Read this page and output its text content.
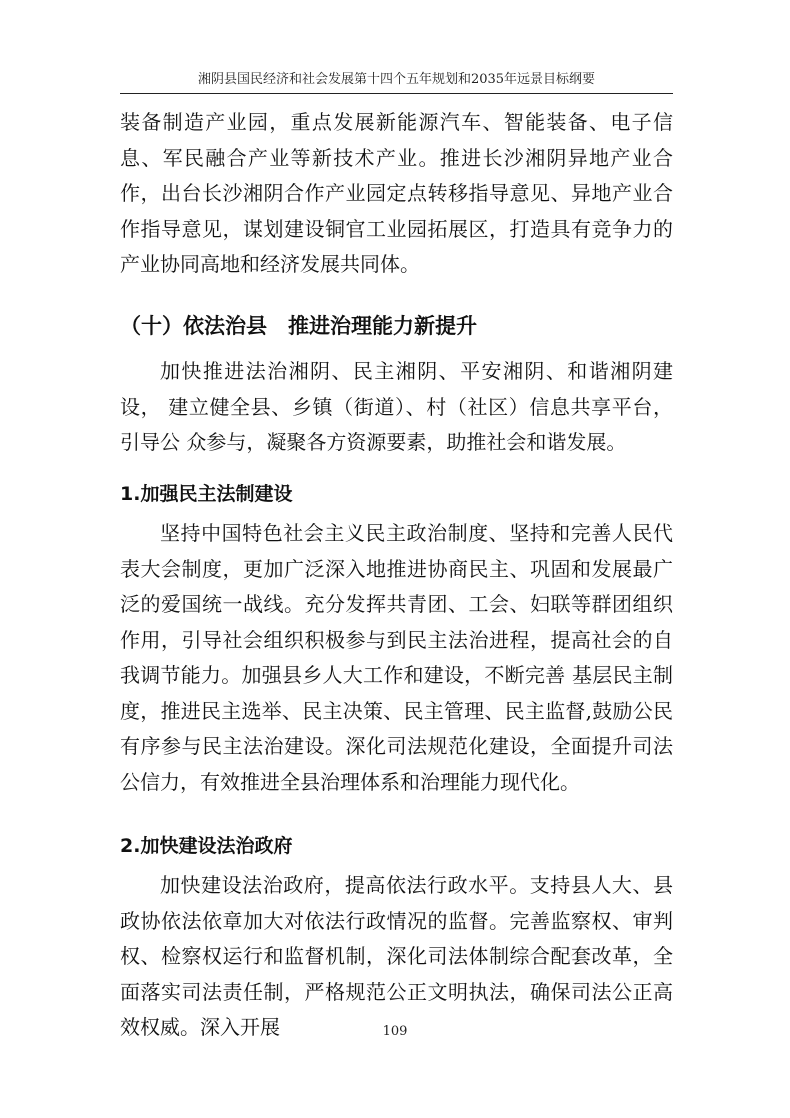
湘阴县国民经济和社会发展第十四个五年规划和2035年远景目标纲要

装备制造产业园，重点发展新能源汽车、智能装备、电子信息、军民融合产业等新技术产业。推进长沙湘阴异地产业合作，出台长沙湘阴合作产业园定点转移指导意见、异地产业合作指导意见，谋划建设铜官工业园拓展区，打造具有竞争力的产业协同高地和经济发展共同体。

（十）依法治县　推进治理能力新提升

加快推进法治湘阴、民主湘阴、平安湘阴、和谐湘阴建设， 建立健全县、乡镇（街道）、村（社区）信息共享平台，引导公 众参与，凝聚各方资源要素，助推社会和谐发展。

1.加强民主法制建设

坚持中国特色社会主义民主政治制度、坚持和完善人民代表大会制度，更加广泛深入地推进协商民主、巩固和发展最广泛的爱国统一战线。充分发挥共青团、工会、妇联等群团组织作用，引导社会组织积极参与到民主法治进程，提高社会的自我调节能力。加强县乡人大工作和建设，不断完善 基层民主制度，推进民主选举、民主决策、民主管理、民主监督,鼓励公民有序参与民主法治建设。深化司法规范化建设，全面提升司法公信力，有效推进全县治理体系和治理能力现代化。

2.加快建设法治政府

加快建设法治政府，提高依法行政水平。支持县人大、县政协依法依章加大对依法行政情况的监督。完善监察权、审判权、检察权运行和监督机制，深化司法体制综合配套改革，全面落实司法责任制，严格规范公正文明执法，确保司法公正高效权威。深入开展	109
